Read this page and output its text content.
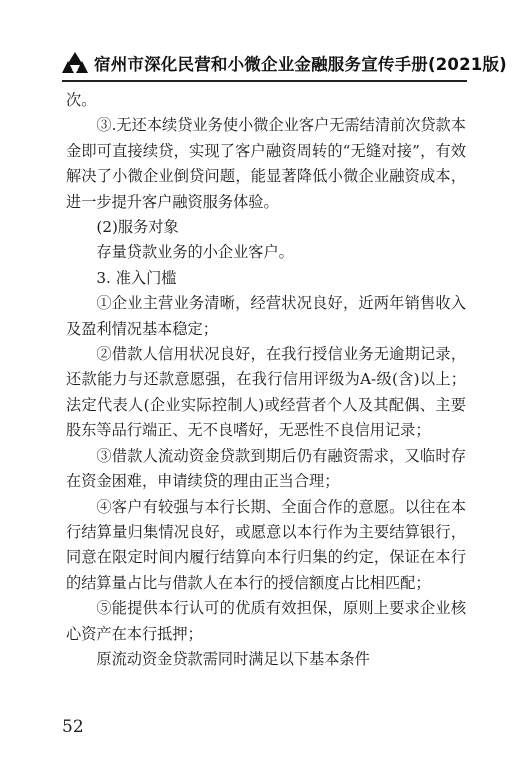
宿州市深化民营和小微企业金融服务宣传手册(2021版)

次。

③.无还本续贷业务使小微企业客户无需结清前次贷款本金即可直接续贷，实现了客户融资周转的“无缝对接”，有效解决了小微企业倒贷问题，能显著降低小微企业融资成本，进一步提升客户融资服务体验。

(2)服务对象

存量贷款业务的小企业客户。

3. 准入门槛

①企业主营业务清晰，经营状况良好，近两年销售收入及盈利情况基本稳定；

②借款人信用状况良好，在我行授信业务无逾期记录，还款能力与还款意愿强，在我行信用评级为A-级(含)以上；法定代表人(企业实际控制人)或经营者个人及其配偶、主要股东等品行端正、无不良嗜好，无恶性不良信用记录；

③借款人流动资金贷款到期后仍有融资需求，又临时存在资金困难，申请续贷的理由正当合理；

④客户有较强与本行长期、全面合作的意愿。以往在本行结算量归集情况良好，或愿意以本行作为主要结算银行，同意在限定时间内履行结算向本行归集的约定，保证在本行的结算量占比与借款人在本行的授信额度占比相匹配；

⑤能提供本行认可的优质有效担保，原则上要求企业核心资产在本行抵押；

原流动资金贷款需同时满足以下基本条件

52
